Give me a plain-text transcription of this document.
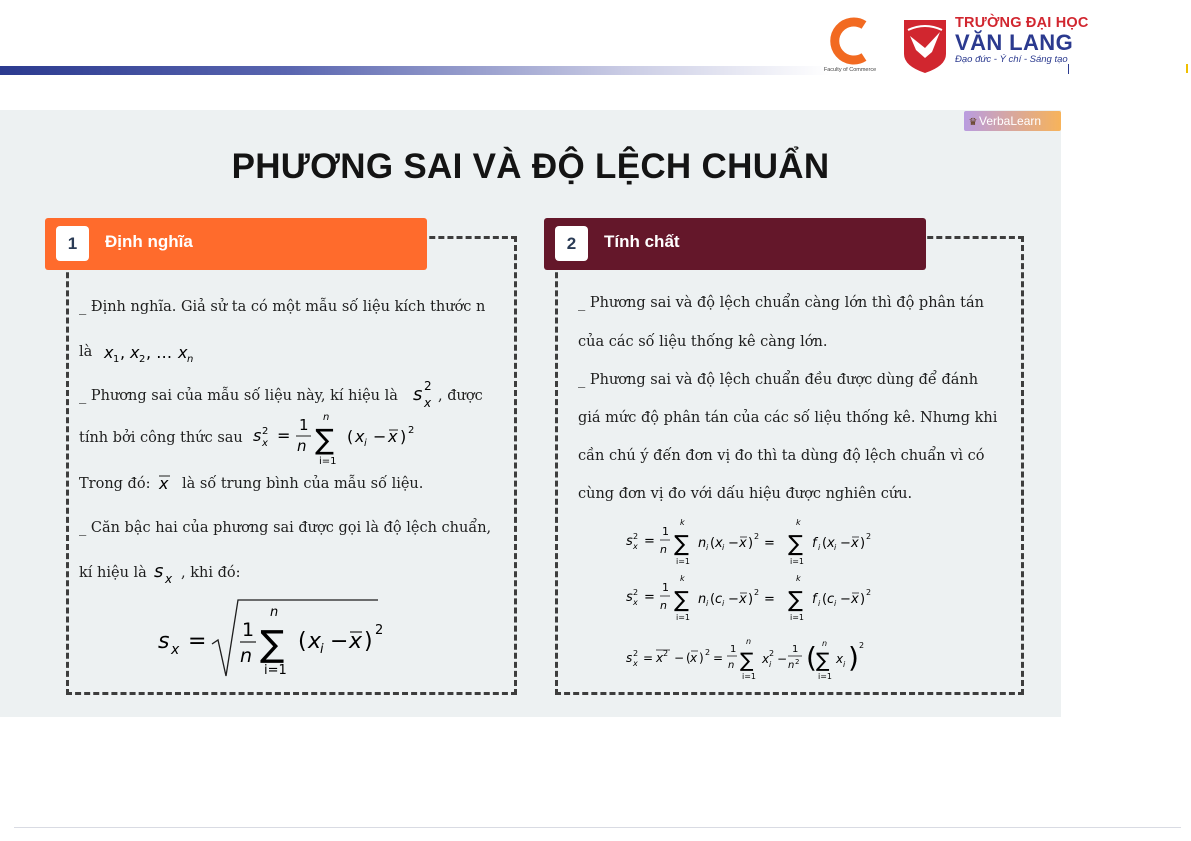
Faculty of Commerce
TRƯỜNG ĐẠI HỌC
VĂN LANG
Đạo đức - Ý chí - Sáng tạo
♛ VerbaLearn
PHƯƠNG SAI VÀ ĐỘ LỆCH CHUẨN
1	Định nghĩa	2	Tính chất
_ Định nghĩa. Giả sử ta có một mẫu số liệu kích thước n
là x 1 , x 2 , … x n
_ Phương sai của mẫu số liệu này, kí hiệu là s 2
x , được
tính bởi công thức sau s 2
x =
1
n
n
∑
i=1
( x i − x ) 2
Trong đó: x là số trung bình của mẫu số liệu.
_ Căn bậc hai của phương sai được gọi là độ lệch chuẩn,
kí hiệu là s x , khi đó:
s x = 1
n
n
∑
i=1
( x
i − x ) 2
_ Phương sai và độ lệch chuẩn càng lớn thì độ phân tán
của các số liệu thống kê càng lớn.
_ Phương sai và độ lệch chuẩn đều được dùng để đánh
giá mức độ phân tán của các số liệu thống kê. Nhưng khi
cần chú ý đến đơn vị đo thì ta dùng độ lệch chuẩn vì có
cùng đơn vị đo với dấu hiệu được nghiên cứu.
s 2
x =
1
n
k
∑
i=1
n i ( x i − x ) 2 =
k
∑
i=1
f i ( x i − x ) 2
s 2
x =
1
n
k
∑
i=1
n i ( c i − x ) 2 =
k
∑
i=1
f i ( c i − x ) 2
s 2
x = x 2 − ( x ) 2 =
1
n
n
∑
i=1
x 2
i −
1
n 2 ( n
∑
i=1
x i ) 2
